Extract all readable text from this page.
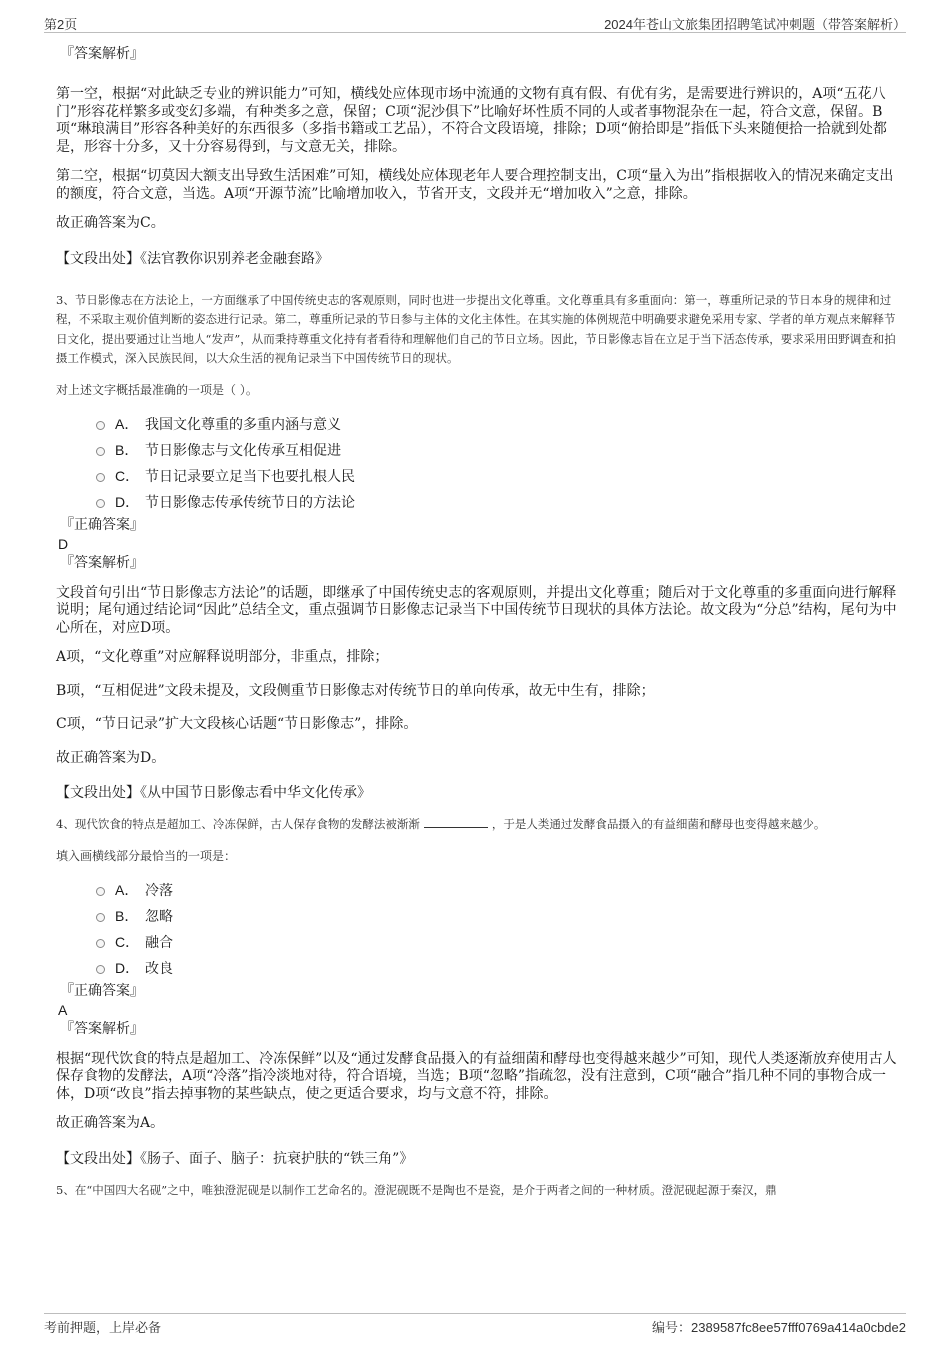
第2页	2024年苍山文旅集团招聘笔试冲刺题（带答案解析）
『答案解析』

第一空，根据“对此缺乏专业的辨识能力”可知，横线处应体现市场中流通的文物有真有假、有优有劣，是需要进行辨识的，A项“五花八门”形容花样繁多或变幻多端，有种类多之意，保留；C项“泥沙俱下”比喻好坏性质不同的人或者事物混杂在一起，符合文意，保留。B项“琳琅满目”形容各种美好的东西很多（多指书籍或工艺品），不符合文段语境，排除；D项“俯拾即是”指低下头来随便拾一拾就到处都是，形容十分多，又十分容易得到，与文意无关，排除。

第二空，根据“切莫因大额支出导致生活困难”可知，横线处应体现老年人要合理控制支出，C项“量入为出”指根据收入的情况来确定支出的额度，符合文意，当选。A项“开源节流”比喻增加收入，节省开支，文段并无“增加收入”之意，排除。

故正确答案为C。

【文段出处】《法官教你识别养老金融套路》

3、节日影像志在方法论上，一方面继承了中国传统史志的客观原则，同时也进一步提出文化尊重。文化尊重具有多重面向：第一，尊重所记录的节日本身的规律和过程，不采取主观价值判断的姿态进行记录。第二，尊重所记录的节日参与主体的文化主体性。在其实施的体例规范中明确要求避免采用专家、学者的单方观点来解释节日文化，提出要通过让当地人“发声”，从而秉持尊重文化持有者看待和理解他们自己的节日立场。因此，节日影像志旨在立足于当下活态传承，要求采用田野调查和拍摄工作模式，深入民族民间，以大众生活的视角记录当下中国传统节日的现状。

对上述文字概括最准确的一项是（ ）。

A． 我国文化尊重的多重内涵与意义
B． 节日影像志与文化传承互相促进
C． 节日记录要立足当下也要扎根人民
D． 节日影像志传承传统节日的方法论
『正确答案』

D

『答案解析』

文段首句引出“节日影像志方法论”的话题，即继承了中国传统史志的客观原则，并提出文化尊重；随后对于文化尊重的多重面向进行解释说明；尾句通过结论词“因此”总结全文，重点强调节日影像志记录当下中国传统节日现状的具体方法论。故文段为“分总”结构，尾句为中心所在，对应D项。

A项，“文化尊重”对应解释说明部分，非重点，排除；

B项，“互相促进”文段未提及，文段侧重节日影像志对传统节日的单向传承，故无中生有，排除；

C项，“节日记录”扩大文段核心话题“节日影像志”，排除。

故正确答案为D。

【文段出处】《从中国节日影像志看中华文化传承》

4、现代饮食的特点是超加工、冷冻保鲜，古人保存食物的发酵法被渐渐	，于是人类通过发酵食品摄入的有益细菌和酵母也变得越来越少。

填入画横线部分最恰当的一项是：

A． 冷落
B． 忽略
C． 融合
D． 改良
『正确答案』

A

『答案解析』

根据“现代饮食的特点是超加工、冷冻保鲜”以及“通过发酵食品摄入的有益细菌和酵母也变得越来越少”可知，现代人类逐渐放弃使用古人保存食物的发酵法，A项“冷落”指冷淡地对待，符合语境，当选；B项“忽略”指疏忽，没有注意到，C项“融合”指几种不同的事物合成一体，D项“改良”指去掉事物的某些缺点，使之更适合要求，均与文意不符，排除。

故正确答案为A。

【文段出处】《肠子、面子、脑子：抗衰护肤的“铁三角”》

5、在“中国四大名砚”之中，唯独澄泥砚是以制作工艺命名的。澄泥砚既不是陶也不是瓷，是介于两者之间的一种材质。澄泥砚起源于秦汉，鼎

考前押题，上岸必备	编号：2389587fc8ee57fff0769a414a0cbde2
